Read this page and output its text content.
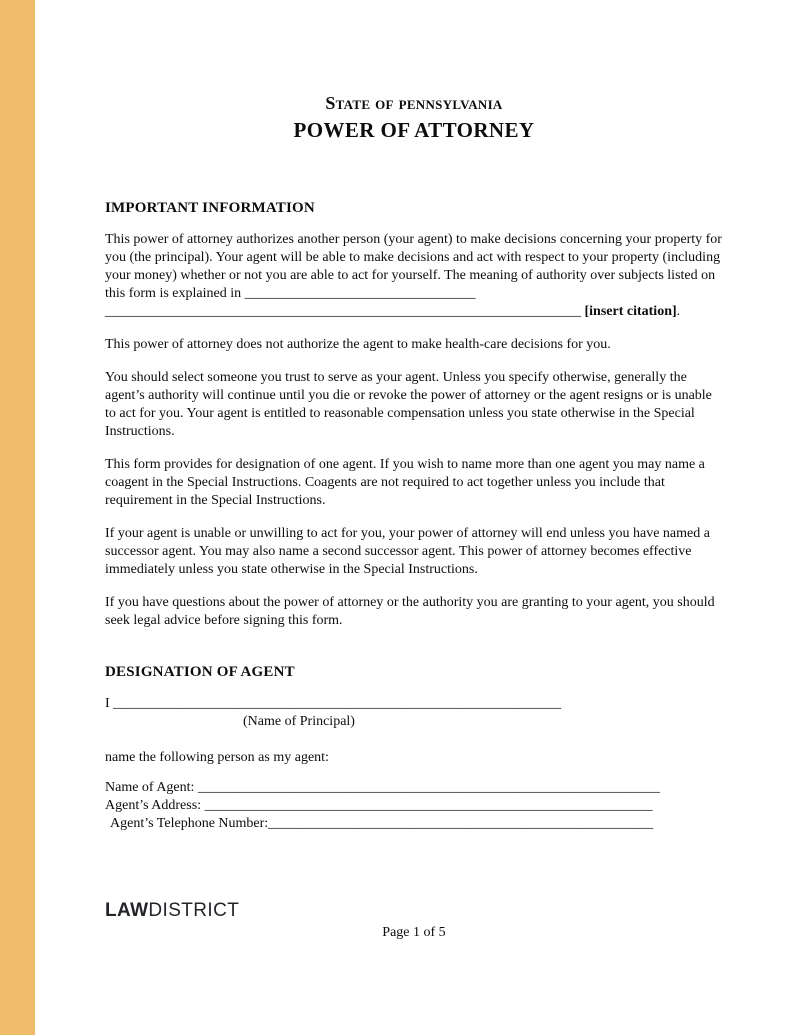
State of pennsylvania
POWER OF ATTORNEY
IMPORTANT INFORMATION

This power of attorney authorizes another person (your agent) to make decisions concerning your property for you (the principal). Your agent will be able to make decisions and act with respect to your property (including your money) whether or not you are able to act for yourself. The meaning of authority over subjects listed on this form is explained in _________________________________
____________________________________________________________________ [insert citation].

This power of attorney does not authorize the agent to make health-care decisions for you.

You should select someone you trust to serve as your agent. Unless you specify otherwise, generally the agent’s authority will continue until you die or revoke the power of attorney or the agent resigns or is unable to act for you. Your agent is entitled to reasonable compensation unless you state otherwise in the Special Instructions.

This form provides for designation of one agent. If you wish to name more than one agent you may name a coagent in the Special Instructions. Coagents are not required to act together unless you include that requirement in the Special Instructions.

If your agent is unable or unwilling to act for you, your power of attorney will end unless you have named a successor agent. You may also name a second successor agent. This power of attorney becomes effective immediately unless you state otherwise in the Special Instructions.

If you have questions about the power of attorney or the authority you are granting to your agent, you should seek legal advice before signing this form.

DESIGNATION OF AGENT
I ________________________________________________________________
(Name of Principal)
name the following person as my agent:
Name of Agent: __________________________________________________________________
Agent’s Address: ________________________________________________________________
Agent’s Telephone Number:_______________________________________________________
LAWDISTRICT
Page 1 of 5
